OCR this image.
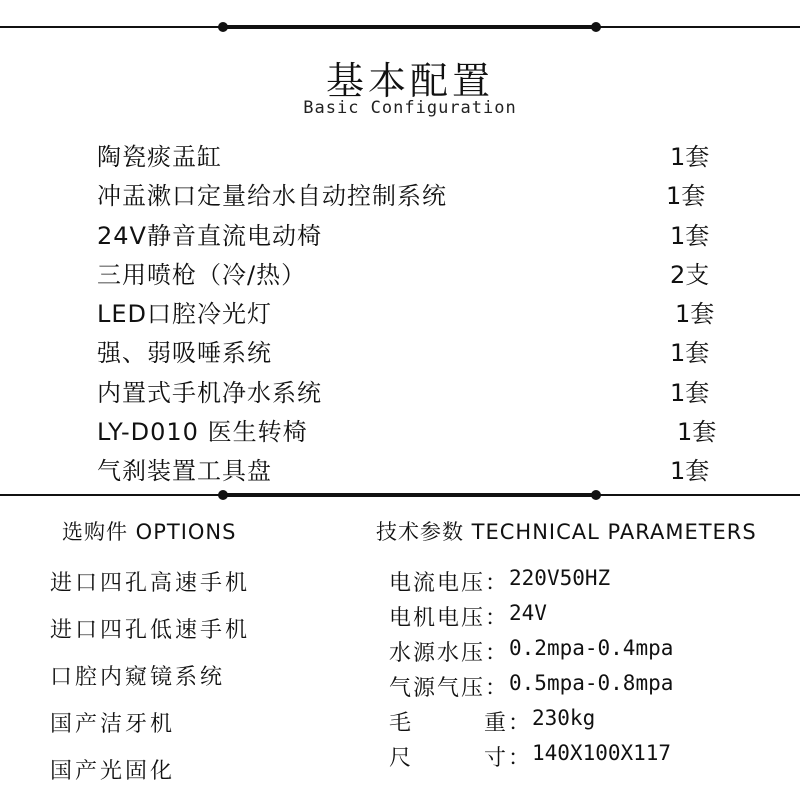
基本配置
Basic Configuration
陶瓷痰盂缸	1套
冲盂漱口定量给水自动控制系统	1套
24V静音直流电动椅	1套
三用喷枪（冷/热）	2支
LED口腔冷光灯	1套
强、弱吸唾系统	1套
内置式手机净水系统	1套
LY-D010 医生转椅	1套
气刹装置工具盘	1套
选购件 OPTIONS	技术参数 TECHNICAL PARAMETERS
进口四孔高速手机
进口四孔低速手机
口腔内窥镜系统
国产洁牙机
国产光固化
电流电压： 220V50HZ
电机电压： 24V
水源水压： 0.2mpa-0.4mpa
气源气压： 0.5mpa-0.8mpa
毛 重： 230kg
尺 寸： 140X100X117
